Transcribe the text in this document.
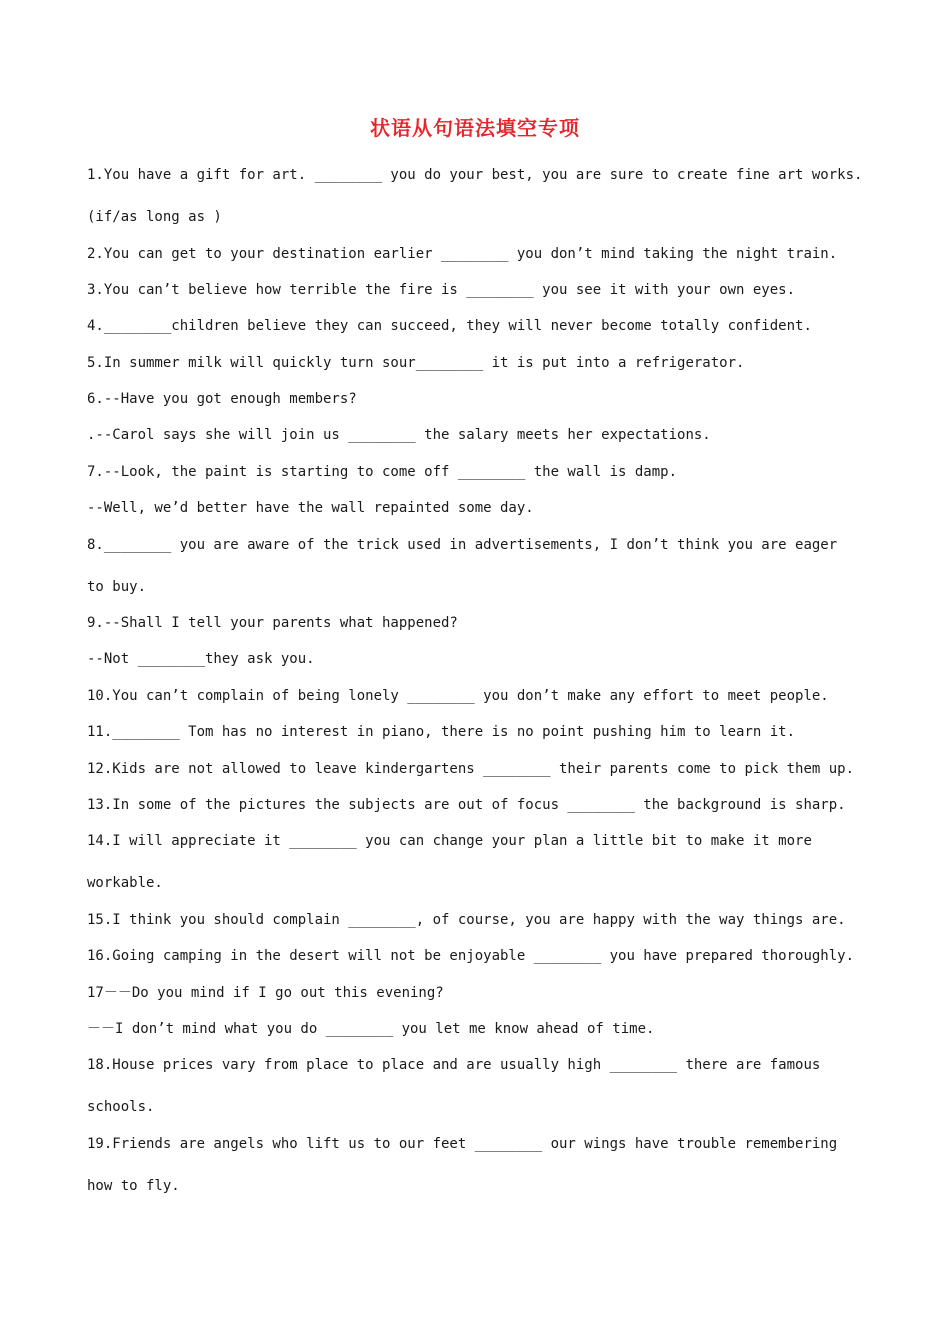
状语从句语法填空专项
1.You have a gift for art. ________ you do your best, you are sure to create fine art works.
(if/as long as )
2.You can get to your destination earlier ________ you don’t mind taking the night train.
3.You can’t believe how terrible the fire is ________ you see it with your own eyes.
4.________children believe they can succeed, they will never become totally confident.
5.In summer milk will quickly turn sour________ it is put into a refrigerator.
6.--Have you got enough members?
.--Carol says she will join us ________ the salary meets her expectations.
7.--Look, the paint is starting to come off ________ the wall is damp.
--Well, we’d better have the wall repainted some day.
8.________ you are aware of the trick used in advertisements, I don’t think you are eager
to buy.
9.--Shall I tell your parents what happened?
--Not ________they ask you.
10.You can’t complain of being lonely ________ you don’t make any effort to meet people.
11.________ Tom has no interest in piano, there is no point pushing him to learn it.
12.Kids are not allowed to leave kindergartens ________ their parents come to pick them up.
13.In some of the pictures the subjects are out of focus ________ the background is sharp.
14.I will appreciate it ________ you can change your plan a little bit to make it more
workable.
15.I think you should complain ________, of course, you are happy with the way things are.
16.Going camping in the desert will not be enjoyable ________ you have prepared thoroughly.
17－－Do you mind if I go out this evening?
－－I don’t mind what you do ________ you let me know ahead of time.
18.House prices vary from place to place and are usually high ________ there are famous
schools.
19.Friends are angels who lift us to our feet ________ our wings have trouble remembering
how to fly.
